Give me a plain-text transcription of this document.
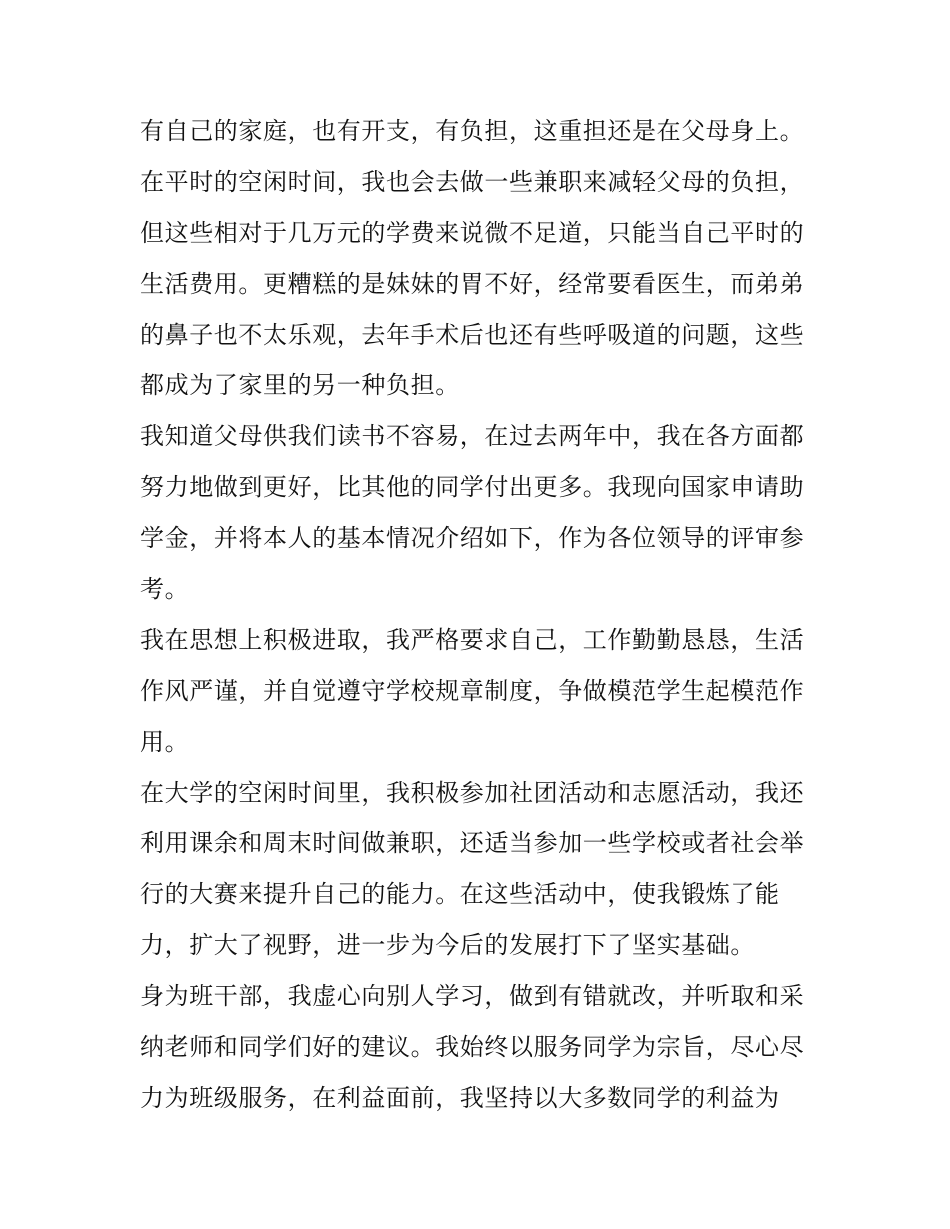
有自己的家庭，也有开支，有负担，这重担还是在父母身上。
在平时的空闲时间，我也会去做一些兼职来减轻父母的负担，
但这些相对于几万元的学费来说微不足道，只能当自己平时的
生活费用。更糟糕的是妹妹的胃不好，经常要看医生，而弟弟
的鼻子也不太乐观，去年手术后也还有些呼吸道的问题，这些
都成为了家里的另一种负担。
我知道父母供我们读书不容易，在过去两年中，我在各方面都
努力地做到更好，比其他的同学付出更多。我现向国家申请助
学金，并将本人的基本情况介绍如下，作为各位领导的评审参
考。
我在思想上积极进取，我严格要求自己，工作勤勤恳恳，生活
作风严谨，并自觉遵守学校规章制度，争做模范学生起模范作
用。
在大学的空闲时间里，我积极参加社团活动和志愿活动，我还
利用课余和周末时间做兼职，还适当参加一些学校或者社会举
行的大赛来提升自己的能力。在这些活动中，使我锻炼了能
力，扩大了视野，进一步为今后的发展打下了坚实基础。
身为班干部，我虚心向别人学习，做到有错就改，并听取和采
纳老师和同学们好的建议。我始终以服务同学为宗旨，尽心尽
力为班级服务，在利益面前，我坚持以大多数同学的利益为
